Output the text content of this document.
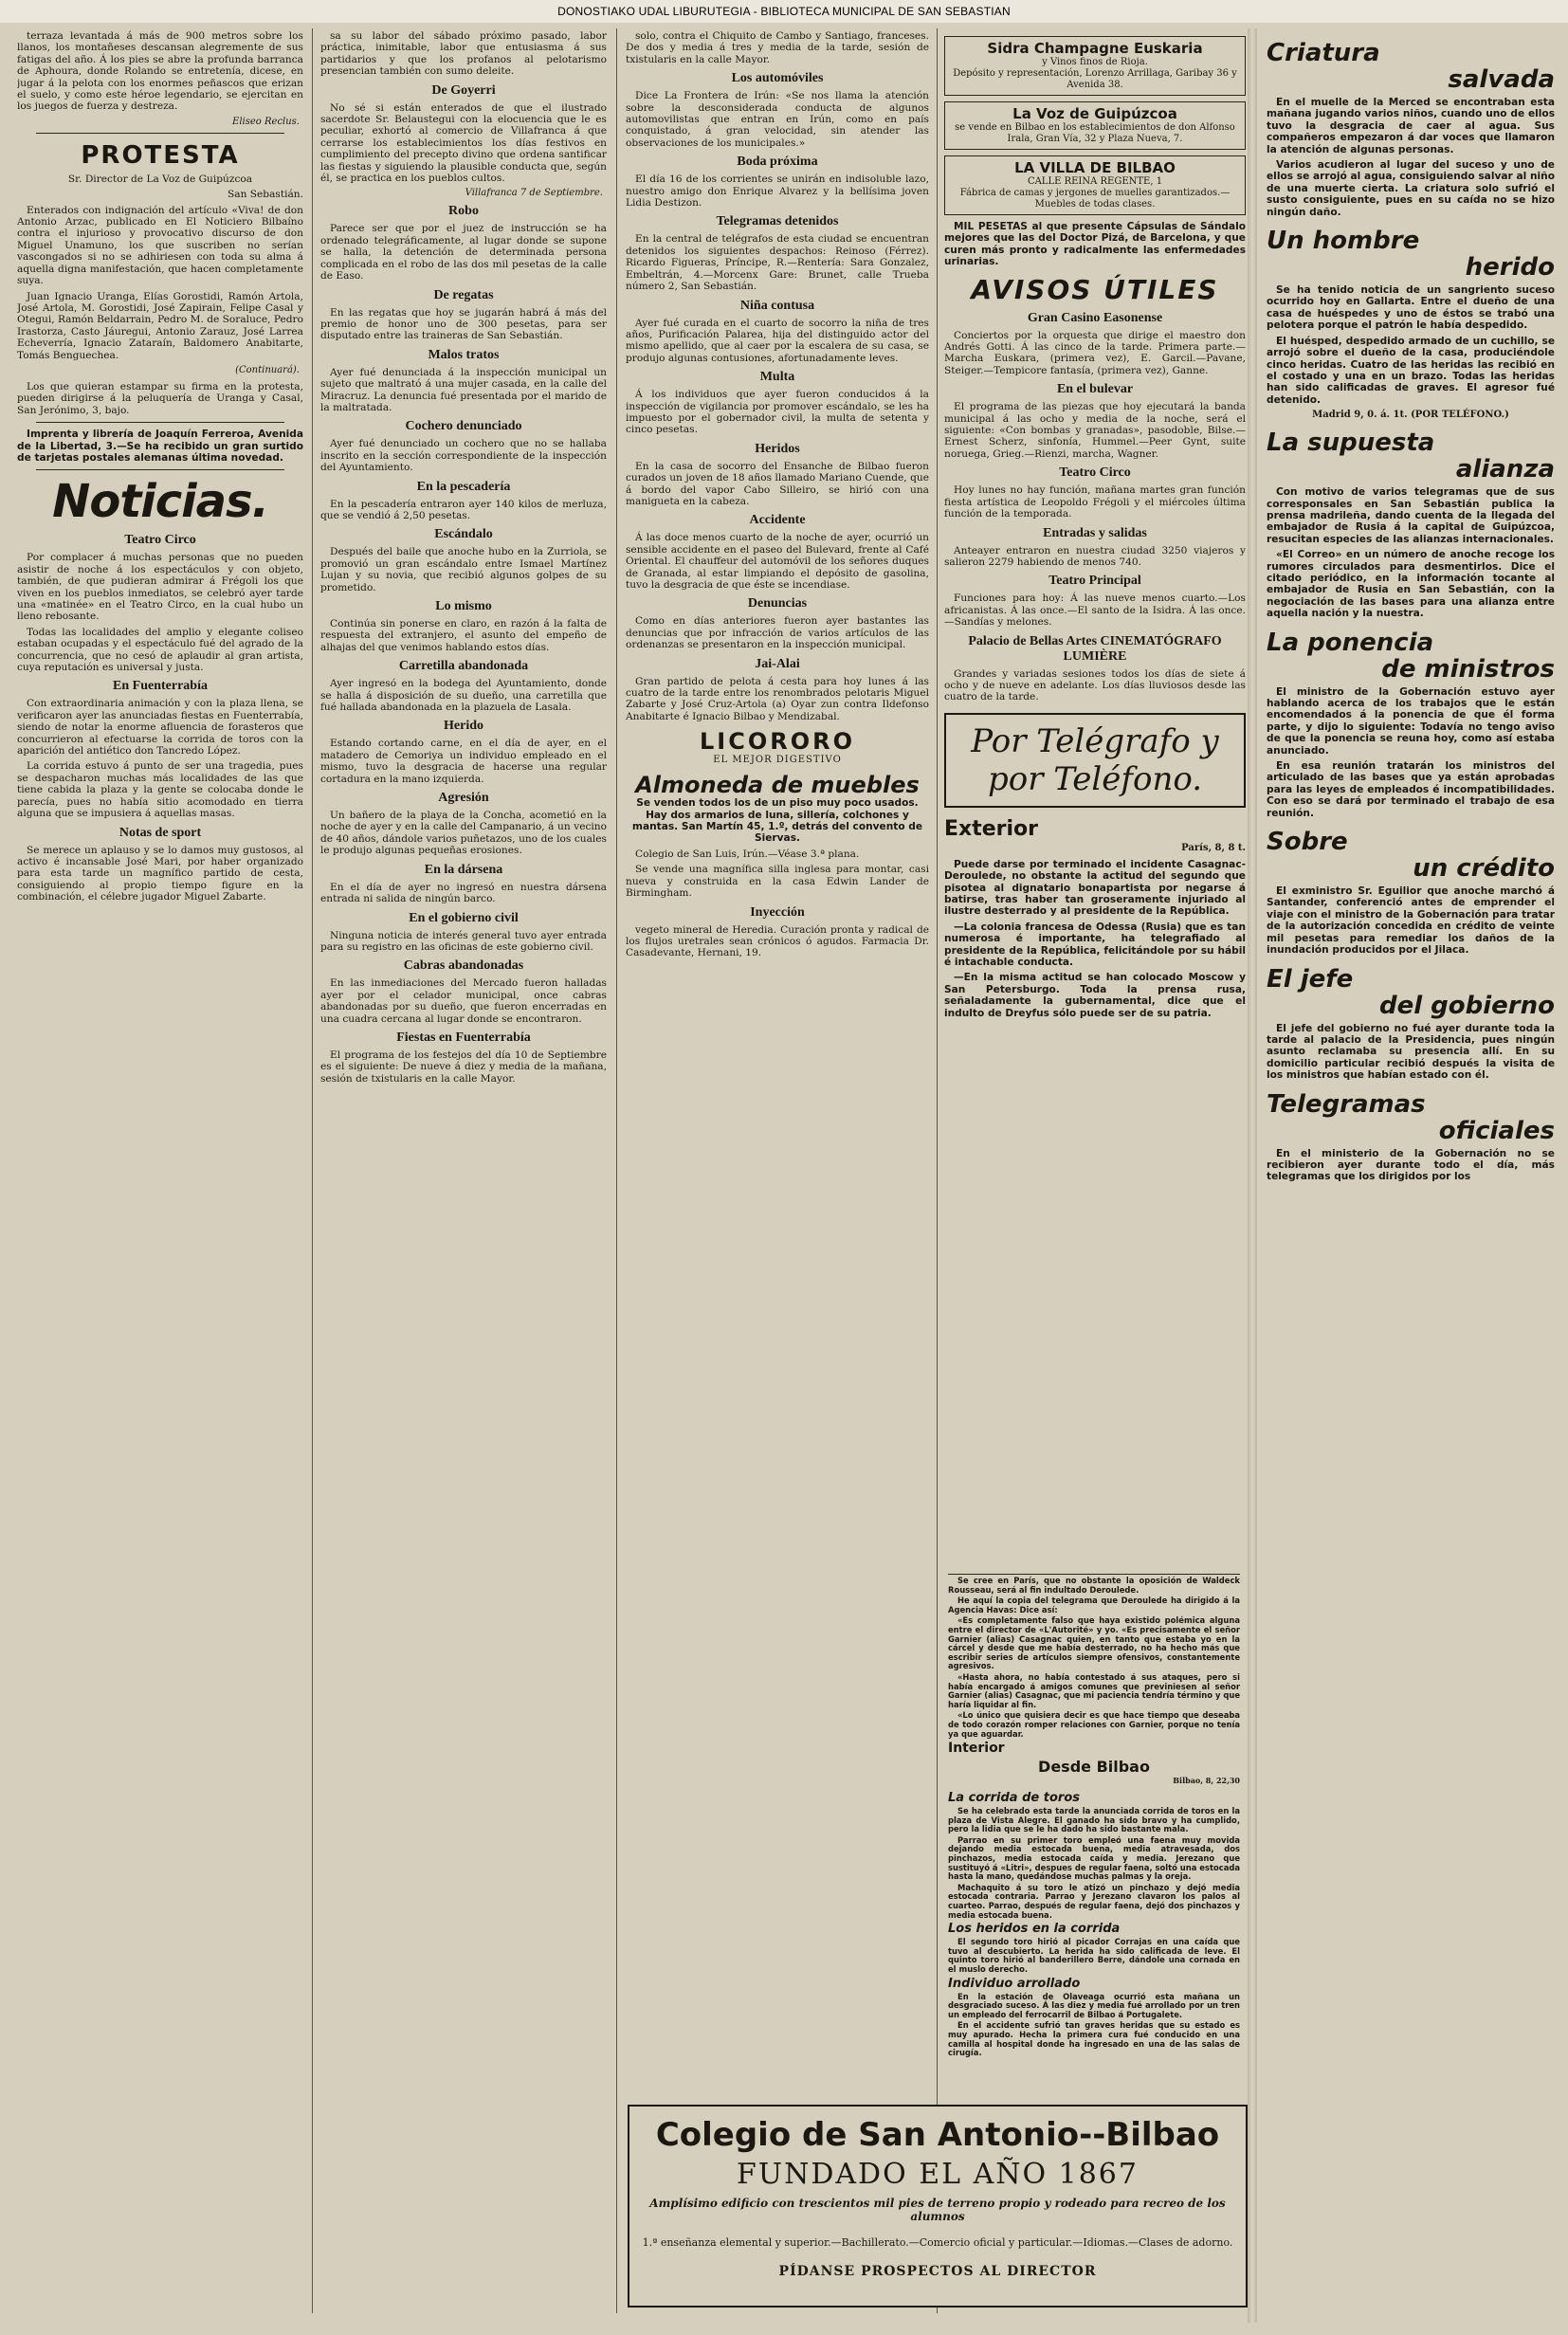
DONOSTIAKO UDAL LIBURUTEGIA - BIBLIOTECA MUNICIPAL DE SAN SEBASTIAN

terraza levantada á más de 900 metros sobre los llanos, los montañeses descansan alegremente de sus fatigas del año. Á los pies se abre la profunda barranca de Aphoura, donde Rolando se entretenía, dicese, en jugar á la pelota con los enormes peñascos que erizan el suelo, y como este héroe legendario, se ejercitan en los juegos de fuerza y destreza.

Eliseo Reclus.
PROTESTA

Sr. Director de La Voz de Guipúzcoa

San Sebastián.

Enterados con indignación del artículo «Viva! de don Antonio Arzac, publicado en El Noticiero Bilbaíno contra el injurioso y provocativo discurso de don Miguel Unamuno, los que suscriben no serían vascongados si no se adhiriesen con toda su alma á aquella digna manifestación, que hacen completamente suya.

Juan Ignacio Uranga, Elías Gorostidi, Ramón Artola, José Artola, M. Gorostidi, José Zapirain, Felipe Casal y Otegui, Ramón Beldarrain, Pedro M. de Soraluce, Pedro Irastorza, Casto Jáuregui, Antonio Zarauz, José Larrea Echeverría, Ignacio Zataraín, Baldomero Anabitarte, Tomás Benguechea.

(Continuará).

Los que quieran estampar su firma en la protesta, pueden dirigirse á la peluquería de Uranga y Casal, San Jerónimo, 3, bajo.

Imprenta y librería de Joaquín Ferreroa, Avenida de la Libertad, 3.—Se ha recibido un gran surtido de tarjetas postales alemanas última novedad.

Noticias.
Teatro Circo

Por complacer á muchas personas que no pueden asistir de noche á los espectáculos y con objeto, también, de que pudieran admirar á Frégoli los que viven en los pueblos inmediatos, se celebró ayer tarde una «matinée» en el Teatro Circo, en la cual hubo un lleno rebosante.

Todas las localidades del amplio y elegante coliseo estaban ocupadas y el espectáculo fué del agrado de la concurrencia, que no cesó de aplaudir al gran artista, cuya reputación es universal y justa.

En Fuenterrabía

Con extraordinaria animación y con la plaza llena, se verificaron ayer las anunciadas fiestas en Fuenterrabía, siendo de notar la enorme afluencia de forasteros que concurrieron al efectuarse la corrida de toros con la aparición del antiético don Tancredo López.

La corrida estuvo á punto de ser una tragedia, pues se despacharon muchas más localidades de las que tiene cabida la plaza y la gente se colocaba donde le parecía, pues no había sitio acomodado en tierra alguna que se impusiera á aquellas masas.

Notas de sport

Se merece un aplauso y se lo damos muy gustosos, al activo é incansable José Mari, por haber organizado para esta tarde un magnífico partido de cesta, consiguiendo al propio tiempo figure en la combinación, el célebre jugador Miguel Zabarte.

sa su labor del sábado próximo pasado, labor práctica, inimitable, labor que entusiasma á sus partidarios y que los profanos al pelotarismo presencian también con sumo deleite.

De Goyerri

No sé si están enterados de que el ilustrado sacerdote Sr. Belaustegui con la elocuencia que le es peculiar, exhortó al comercio de Villafranca á que cerrarse los establecimientos los días festivos en cumplimiento del precepto divino que ordena santificar las fiestas y siguiendo la plausible conducta que, según él, se practica en los pueblos cultos.

Villafranca 7 de Septiembre.
Robo

Parece ser que por el juez de instrucción se ha ordenado telegráficamente, al lugar donde se supone se halla, la detención de determinada persona complicada en el robo de las dos mil pesetas de la calle de Easo.

De regatas

En las regatas que hoy se jugarán habrá á más del premio de honor uno de 300 pesetas, para ser disputado entre las traineras de San Sebastián.

Malos tratos

Ayer fué denunciada á la inspección municipal un sujeto que maltrató á una mujer casada, en la calle del Miracruz. La denuncia fué presentada por el marido de la maltratada.

Cochero denunciado

Ayer fué denunciado un cochero que no se hallaba inscrito en la sección correspondiente de la inspección del Ayuntamiento.

En la pescadería

En la pescadería entraron ayer 140 kilos de merluza, que se vendió á 2,50 pesetas.

Escándalo

Después del baile que anoche hubo en la Zurriola, se promovió un gran escándalo entre Ismael Martínez Lujan y su novia, que recibió algunos golpes de su prometido.

Lo mismo

Continúa sin ponerse en claro, en razón á la falta de respuesta del extranjero, el asunto del empeño de alhajas del que venimos hablando estos días.

Carretilla abandonada

Ayer ingresó en la bodega del Ayuntamiento, donde se halla á disposición de su dueño, una carretilla que fué hallada abandonada en la plazuela de Lasala.

Herido

Estando cortando carne, en el día de ayer, en el matadero de Cemoriya un individuo empleado en el mismo, tuvo la desgracia de hacerse una regular cortadura en la mano izquierda.

Agresión

Un bañero de la playa de la Concha, acometió en la noche de ayer y en la calle del Campanario, á un vecino de 40 años, dándole varios puñetazos, uno de los cuales le produjo algunas pequeñas erosiones.

En la dársena

En el día de ayer no ingresó en nuestra dársena entrada ni salida de ningún barco.

En el gobierno civil

Ninguna noticia de interés general tuvo ayer entrada para su registro en las oficinas de este gobierno civil.

Cabras abandonadas

En las inmediaciones del Mercado fueron halladas ayer por el celador municipal, once cabras abandonadas por su dueño, que fueron encerradas en una cuadra cercana al lugar donde se encontraron.

Fiestas en Fuenterrabía

El programa de los festejos del día 10 de Septiembre es el siguiente: De nueve á diez y media de la mañana, sesión de txistularis en la calle Mayor.

solo, contra el Chiquito de Cambo y Santiago, franceses. De dos y media á tres y media de la tarde, sesión de txistularis en la calle Mayor.

Los automóviles

Dice La Frontera de Irún: «Se nos llama la atención sobre la desconsiderada conducta de algunos automovilistas que entran en Irún, como en país conquistado, á gran velocidad, sin atender las observaciones de los municipales.»

Boda próxima

El día 16 de los corrientes se unirán en indisoluble lazo, nuestro amigo don Enrique Alvarez y la bellísima joven Lidia Destizon.

Telegramas detenidos

En la central de telégrafos de esta ciudad se encuentran detenidos los siguientes despachos: Reinoso (Férrez). Ricardo Figueras, Príncipe, R.—Rentería: Sara Gonzalez, Embeltrán, 4.—Morcenx Gare: Brunet, calle Trueba número 2, San Sebastián.

Niña contusa

Ayer fué curada en el cuarto de socorro la niña de tres años, Purificación Palarea, hija del distinguido actor del mismo apellido, que al caer por la escalera de su casa, se produjo algunas contusiones, afortunadamente leves.

Multa

Á los individuos que ayer fueron conducidos á la inspección de vigilancia por promover escándalo, se les ha impuesto por el gobernador civil, la multa de setenta y cinco pesetas.

Heridos

En la casa de socorro del Ensanche de Bilbao fueron curados un joven de 18 años llamado Mariano Cuende, que á bordo del vapor Cabo Silleiro, se hirió con una manigueta en la cabeza.

Accidente

Á las doce menos cuarto de la noche de ayer, ocurrió un sensible accidente en el paseo del Bulevard, frente al Café Oriental. El chauffeur del automóvil de los señores duques de Granada, al estar limpiando el depósito de gasolina, tuvo la desgracia de que éste se incendiase.

Denuncias

Como en días anteriores fueron ayer bastantes las denuncias que por infracción de varios artículos de las ordenanzas se presentaron en la inspección municipal.

Jai-Alai

Gran partido de pelota á cesta para hoy lunes á las cuatro de la tarde entre los renombrados pelotaris Miguel Zabarte y José Cruz-Artola (a) Oyar zun contra Ildefonso Anabitarte é Ignacio Bilbao y Mendizabal.

LICORORO
EL MEJOR DIGESTIVO
Almoneda de muebles

Se venden todos los de un piso muy poco usados. Hay dos armarios de luna, sillería, colchones y mantas. San Martín 45, 1.º, detrás del convento de Siervas.

Colegio de San Luis, Irún.—Véase 3.ª plana.

Se vende una magnífica silla inglesa para montar, casi nueva y construida en la casa Edwin Lander de Birmingham.

Inyección

vegeto mineral de Heredia. Curación pronta y radical de los flujos uretrales sean crónicos ó agudos. Farmacia Dr. Casadevante, Hernani, 19.

Sidra Champagne Euskaria
y Vinos finos de Rioja.
Depósito y representación, Lorenzo Arrillaga, Garibay 36 y Avenida 38.
La Voz de Guipúzcoa
se vende en Bilbao en los establecimientos de don Alfonso Irala, Gran Vía, 32 y Plaza Nueva, 7.
LA VILLA DE BILBAO
CALLE REINA REGENTE, 1
Fábrica de camas y jergones de muelles garantizados.—Muebles de todas clases.

MIL PESETAS al que presente Cápsulas de Sándalo mejores que las del Doctor Pizá, de Barcelona, y que curen más pronto y radicalmente las enfermedades urinarias.

AVISOS ÚTILES
Gran Casino Easonense

Conciertos por la orquesta que dirige el maestro don Andrés Gotti. Á las cinco de la tarde. Primera parte.—Marcha Euskara, (primera vez), E. Garcil.—Pavane, Steiger.—Tempicore fantasía, (primera vez), Ganne.

En el bulevar

El programa de las piezas que hoy ejecutará la banda municipal á las ocho y media de la noche, será el siguiente: «Con bombas y granadas», pasodoble, Bilse.—Ernest Scherz, sinfonía, Hummel.—Peer Gynt, suite noruega, Grieg.—Rienzi, marcha, Wagner.

Teatro Circo

Hoy lunes no hay función, mañana martes gran función fiesta artística de Leopoldo Frégoli y el miércoles última función de la temporada.

Entradas y salidas

Anteayer entraron en nuestra ciudad 3250 viajeros y salieron 2279 habiendo de menos 740.

Teatro Principal

Funciones para hoy: Á las nueve menos cuarto.—Los africanistas. Á las once.—El santo de la Isidra. Á las once.—Sandías y melones.

Palacio de Bellas Artes CINEMATÓGRAFO LUMIÈRE

Grandes y variadas sesiones todos los días de siete á ocho y de nueve en adelante. Los días lluviosos desde las cuatro de la tarde.

Por Telégrafo y por Teléfono.
Exterior
París, 8, 8 t.

Puede darse por terminado el incidente Casagnac-Deroulede, no obstante la actitud del segundo que pisotea al dignatario bonapartista por negarse á batirse, tras haber tan groseramente injuriado al ilustre desterrado y al presidente de la República.

—La colonia francesa de Odessa (Rusia) que es tan numerosa é importante, ha telegrafiado al presidente de la República, felicitándole por su hábil é intachable conducta.

—En la misma actitud se han colocado Moscow y San Petersburgo. Toda la prensa rusa, señaladamente la gubernamental, dice que el indulto de Dreyfus sólo puede ser de su patria.

Criatura
salvada

En el muelle de la Merced se encontraban esta mañana jugando varios niños, cuando uno de ellos tuvo la desgracia de caer al agua. Sus compañeros empezaron á dar voces que llamaron la atención de algunas personas.

Varios acudieron al lugar del suceso y uno de ellos se arrojó al agua, consiguiendo salvar al niño de una muerte cierta. La criatura solo sufrió el susto consiguiente, pues en su caída no se hizo ningún daño.

Un hombre
herido

Se ha tenido noticia de un sangriento suceso ocurrido hoy en Gallarta. Entre el dueño de una casa de huéspedes y uno de éstos se trabó una pelotera porque el patrón le había despedido.

El huésped, despedido armado de un cuchillo, se arrojó sobre el dueño de la casa, produciéndole cinco heridas. Cuatro de las heridas las recibió en el costado y una en un brazo. Todas las heridas han sido calificadas de graves. El agresor fué detenido.

Madrid 9, 0. á. 1t. (POR TELÉFONO.)
La supuesta
alianza

Con motivo de varios telegramas que de sus corresponsales en San Sebastián publica la prensa madrileña, dando cuenta de la llegada del embajador de Rusia á la capital de Guipúzcoa, resucitan especies de las alianzas internacionales.

«El Correo» en un número de anoche recoge los rumores circulados para desmentirlos. Dice el citado periódico, en la información tocante al embajador de Rusia en San Sebastián, con la negociación de las bases para una alianza entre aquella nación y la nuestra.

La ponencia
de ministros

El ministro de la Gobernación estuvo ayer hablando acerca de los trabajos que le están encomendados á la ponencia de que él forma parte, y dijo lo siguiente: Todavía no tengo aviso de que la ponencia se reuna hoy, como así estaba anunciado.

En esa reunión tratarán los ministros del articulado de las bases que ya están aprobadas para las leyes de empleados é incompatibilidades. Con eso se dará por terminado el trabajo de esa reunión.

Sobre
un crédito

El exministro Sr. Eguilior que anoche marchó á Santander, conferenció antes de emprender el viaje con el ministro de la Gobernación para tratar de la autorización concedida en crédito de veinte mil pesetas para remediar los daños de la inundación producidos por el Jilaca.

El jefe
del gobierno

El jefe del gobierno no fué ayer durante toda la tarde al palacio de la Presidencia, pues ningún asunto reclamaba su presencia allí. En su domicilio particular recibió después la visita de los ministros que habían estado con él.

Telegramas
oficiales

En el ministerio de la Gobernación no se recibieron ayer durante todo el día, más telegramas que los dirigidos por los

Colegio de San Antonio--Bilbao
FUNDADO EL AÑO 1867
Amplísimo edificio con trescientos mil pies de terreno propio y rodeado para recreo de los alumnos
1.ª enseñanza elemental y superior.—Bachillerato.—Comercio oficial y particular.—Idiomas.—Clases de adorno.
PÍDANSE PROSPECTOS AL DIRECTOR

Se cree en París, que no obstante la oposición de Waldeck Rousseau, será al fin indultado Deroulede.

He aquí la copia del telegrama que Deroulede ha dirigido á la Agencia Havas: Dice así:

«Es completamente falso que haya existido polémica alguna entre el director de «L'Autorité» y yo. «Es precisamente el señor Garnier (alias) Casagnac quien, en tanto que estaba yo en la cárcel y desde que me había desterrado, no ha hecho más que escribir series de artículos siempre ofensivos, constantemente agresivos.

«Hasta ahora, no había contestado á sus ataques, pero si había encargado á amigos comunes que previniesen al señor Garnier (alias) Casagnac, que mi paciencia tendría término y que haría liquidar al fin.

«Lo único que quisiera decir es que hace tiempo que deseaba de todo corazón romper relaciones con Garnier, porque no tenía ya que aguardar.

Interior
Desde Bilbao
Bilbao, 8, 22,30
La corrida de toros

Se ha celebrado esta tarde la anunciada corrida de toros en la plaza de Vista Alegre. El ganado ha sido bravo y ha cumplido, pero la lidia que se le ha dado ha sido bastante mala.

Parrao en su primer toro empleó una faena muy movida dejando media estocada buena, media atravesada, dos pinchazos, media estocada caída y media. Jerezano que sustituyó á «Litri», despues de regular faena, soltó una estocada hasta la mano, quedándose muchas palmas y la oreja.

Machaquito á su toro le atizó un pinchazo y dejó media estocada contraria. Parrao y Jerezano clavaron los palos al cuarteo. Parrao, después de regular faena, dejó dos pinchazos y media estocada buena.

Los heridos en la corrida

El segundo toro hirió al picador Corrajas en una caída que tuvo al descubierto. La herida ha sido calificada de leve. El quinto toro hirió al banderillero Berre, dándole una cornada en el muslo derecho.

Individuo arrollado

En la estación de Olaveaga ocurrió esta mañana un desgraciado suceso. Á las diez y media fué arrollado por un tren un empleado del ferrocarril de Bilbao á Portugalete.

En el accidente sufrió tan graves heridas que su estado es muy apurado. Hecha la primera cura fué conducido en una camilla al hospital donde ha ingresado en una de las salas de cirugía.
